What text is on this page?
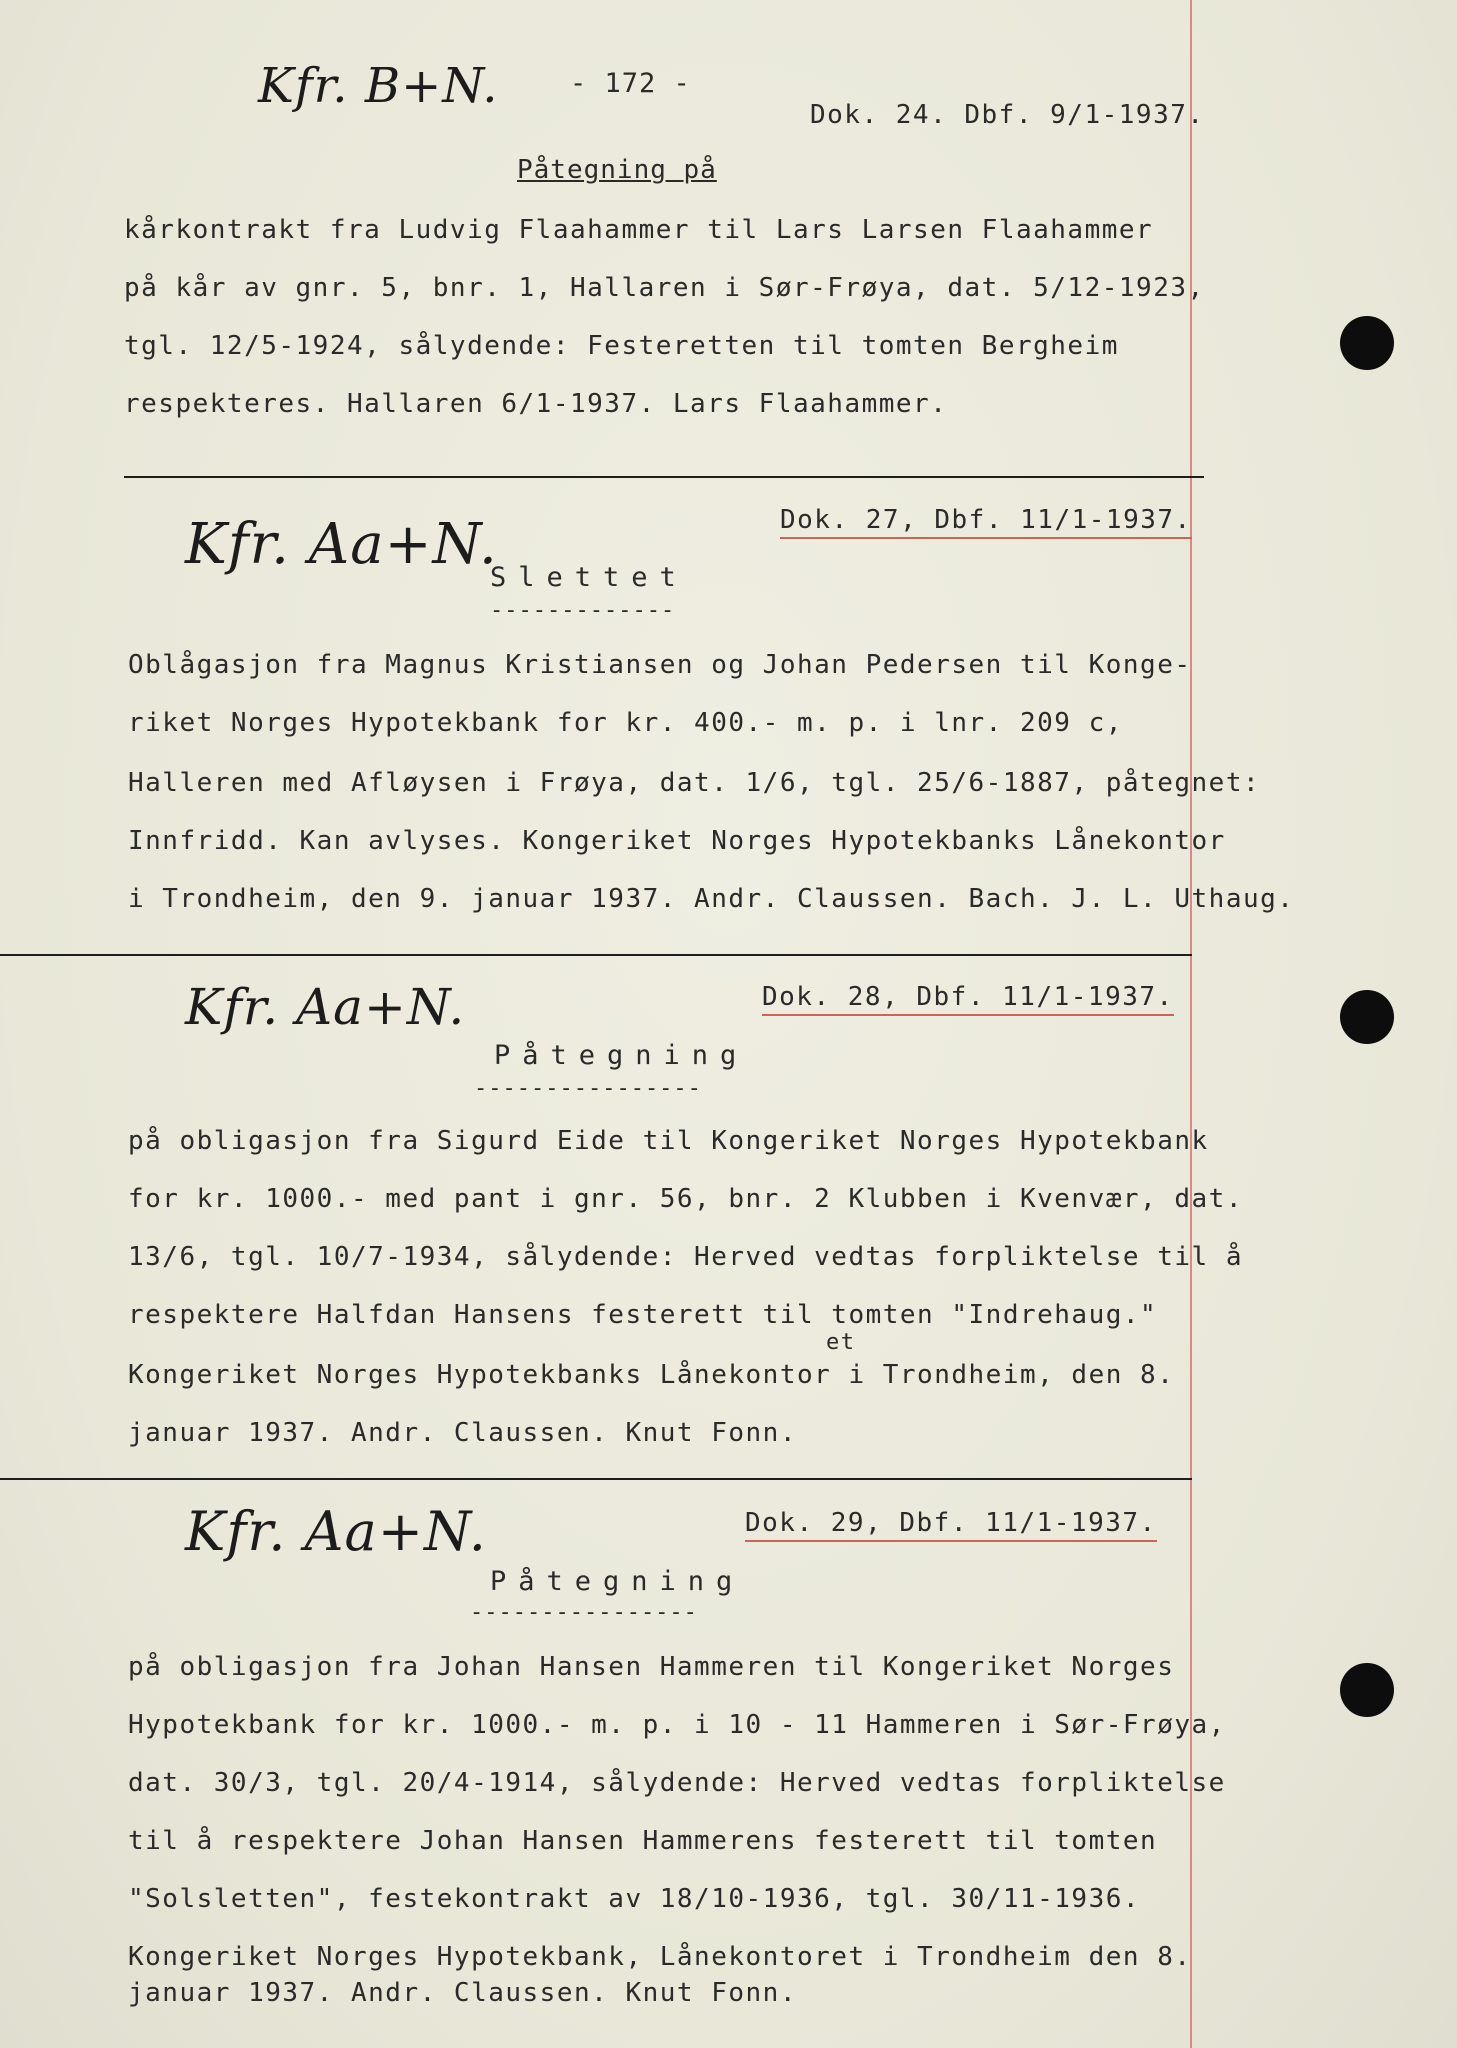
- 172 -
Dok. 24. Dbf. 9/1-1937.
Kfr. B+N.
Påtegning på
kårkontrakt fra Ludvig Flaahammer til Lars Larsen Flaahammer
på kår av gnr. 5, bnr. 1, Hallaren i Sør-Frøya, dat. 5/12-1923,
tgl. 12/5-1924, sålydende: Festeretten til tomten Bergheim
respekteres. Hallaren 6/1-1937. Lars Flaahammer.
Kfr. Aa+N.	Dok. 27, Dbf. 11/1-1937.
Slettet
-------------
Oblågasjon fra Magnus Kristiansen og Johan Pedersen til Konge-
riket Norges Hypotekbank for kr. 400.- m. p. i lnr. 209 c,
Halleren med Afløysen i Frøya, dat. 1/6, tgl. 25/6-1887, påtegnet:
Innfridd. Kan avlyses. Kongeriket Norges Hypotekbanks Lånekontor
i Trondheim, den 9. januar 1937. Andr. Claussen. Bach. J. L. Uthaug.
Kfr. Aa+N.	Dok. 28, Dbf. 11/1-1937.
Påtegning
----------------
på obligasjon fra Sigurd Eide til Kongeriket Norges Hypotekbank
for kr. 1000.- med pant i gnr. 56, bnr. 2 Klubben i Kvenvær, dat.
13/6, tgl. 10/7-1934, sålydende: Herved vedtas forpliktelse til å
respektere Halfdan Hansens festerett til tomten "Indrehaug."
et
Kongeriket Norges Hypotekbanks Lånekontor i Trondheim, den 8.
januar 1937. Andr. Claussen. Knut Fonn.
Kfr. Aa+N.	Dok. 29, Dbf. 11/1-1937.
Påtegning
----------------
på obligasjon fra Johan Hansen Hammeren til Kongeriket Norges
Hypotekbank for kr. 1000.- m. p. i 10 - 11 Hammeren i Sør-Frøya,
dat. 30/3, tgl. 20/4-1914, sålydende: Herved vedtas forpliktelse
til å respektere Johan Hansen Hammerens festerett til tomten
"Solsletten", festekontrakt av 18/10-1936, tgl. 30/11-1936.
Kongeriket Norges Hypotekbank, Lånekontoret i Trondheim den 8.
januar 1937. Andr. Claussen. Knut Fonn.
